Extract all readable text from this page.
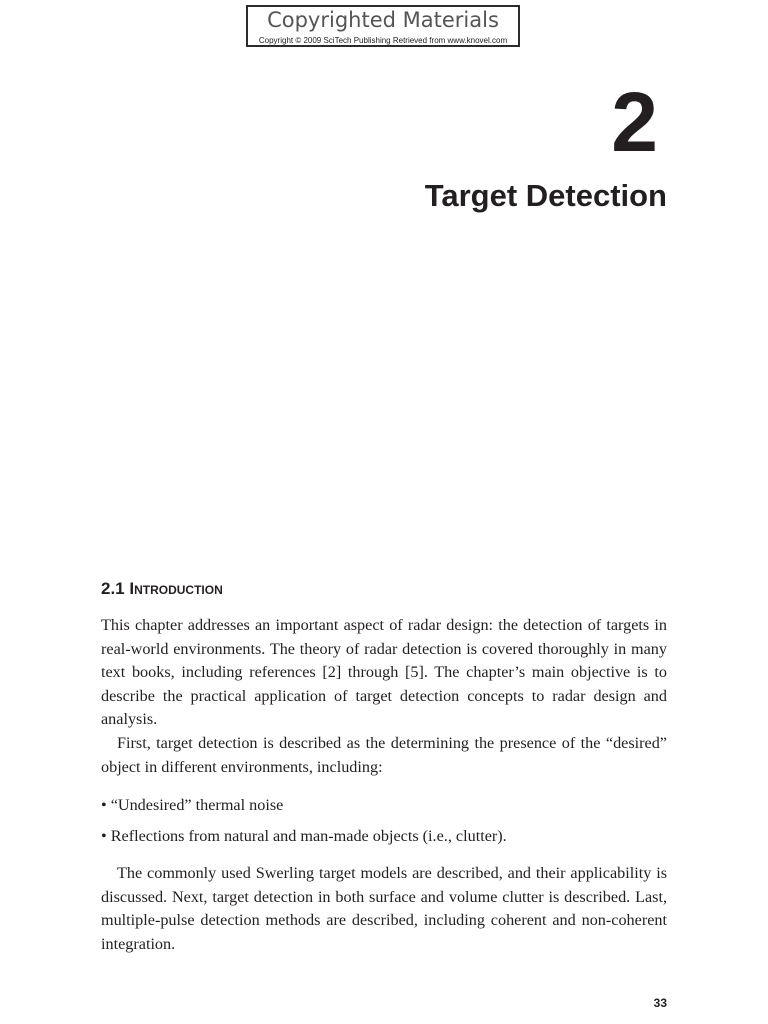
Copyrighted Materials
Copyright © 2009 SciTech Publishing Retrieved from www.knovel.com
2
Target Detection
2.1 Introduction

This chapter addresses an important aspect of radar design: the detection of targets in real-world environments. The theory of radar detection is covered thoroughly in many text books, including references [2] through [5]. The chapter’s main objective is to describe the practical application of target detection concepts to radar design and analysis.

First, target detection is described as the determining the presence of the “desired” object in different environments, including:

• “Undesired” thermal noise
• Reflections from natural and man-made objects (i.e., clutter).

The commonly used Swerling target models are described, and their applicability is discussed. Next, target detection in both surface and volume clutter is described. Last, multiple-pulse detection methods are described, including coherent and non-coherent integration.

33
